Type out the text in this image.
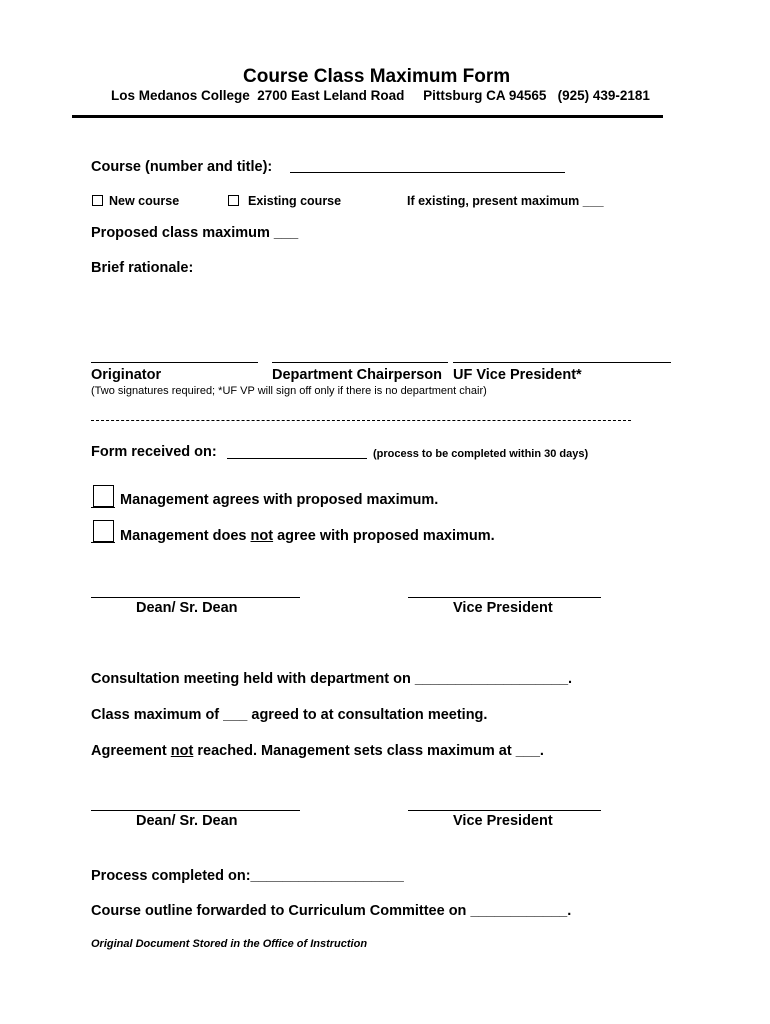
Course Class Maximum Form
Los Medanos College  2700 East Leland Road     Pittsburg CA 94565   (925) 439-2181
Course (number and title):
New course	Existing course	If existing, present maximum ___
Proposed class maximum ___
Brief rationale:
Originator	Department Chairperson UF Vice President*
(Two signatures required; *UF VP will sign off only if there is no department chair)
Form received on:	(process to be completed within 30 days)
Management agrees with proposed maximum.
Management does not agree with proposed maximum.
Dean/ Sr. Dean	Vice President
Consultation meeting held with department on ___________________.
Class maximum of ___ agreed to at consultation meeting.
Agreement not reached. Management sets class maximum at ___.
Dean/ Sr. Dean	Vice President
Process completed on:___________________
Course outline forwarded to Curriculum Committee on ____________.
Original Document Stored in the Office of Instruction
